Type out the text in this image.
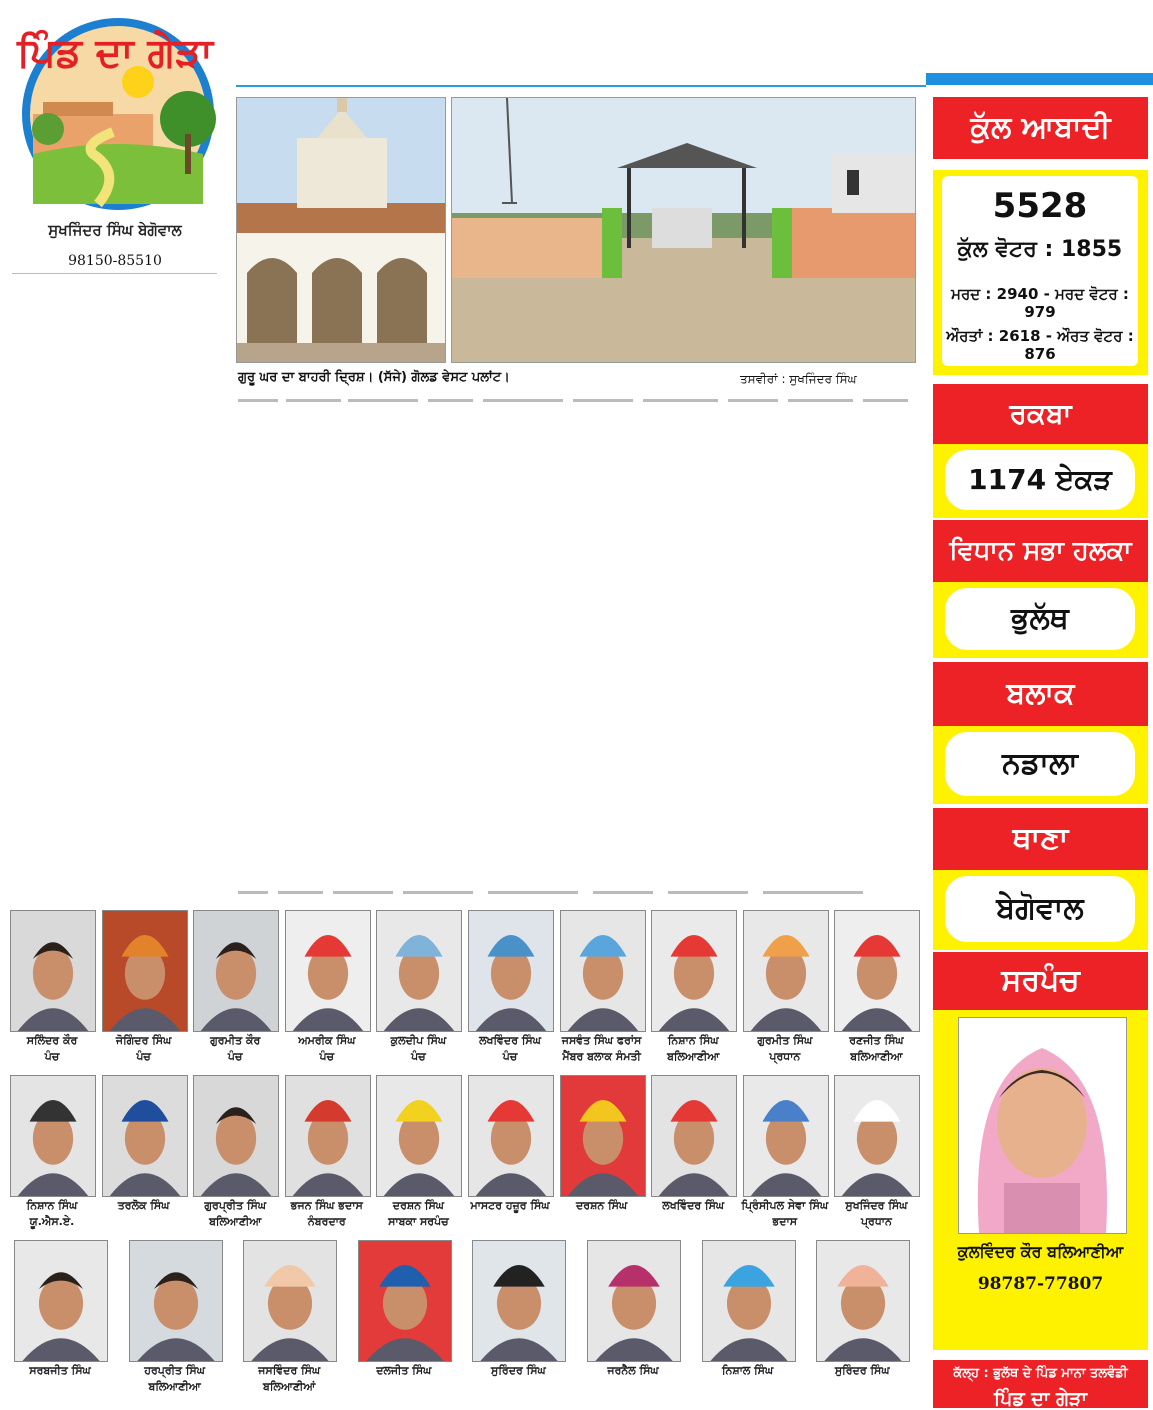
ਪਿੰਡ ਦਾ ਗੇੜਾ
ਸੁਖਜਿੰਦਰ ਸਿੰਘ ਬੇਗੋਵਾਲ
98150-85510
ਗੁਰੂ ਘਰ ਦਾ ਬਾਹਰੀ ਦ੍ਰਿਸ਼। (ਸੱਜੇ) ਗੋਲਡ ਵੇਸਟ ਪਲਾਂਟ।	ਤਸਵੀਰਾਂ : ਸੁਖਜਿੰਦਰ ਸਿੰਘ
ਕੁੱਲ ਆਬਾਦੀ
5528
ਕੁੱਲ ਵੋਟਰ : 1855
ਮਰਦ : 2940 - ਮਰਦ ਵੋਟਰ : 979
ਔਰਤਾਂ : 2618 - ਔਰਤ ਵੋਟਰ : 876
ਰਕਬਾ
1174 ਏਕੜ
ਵਿਧਾਨ ਸਭਾ ਹਲਕਾ
ਭੁਲੱਥ
ਬਲਾਕ
ਨਡਾਲਾ
ਥਾਣਾ
ਬੇਗੋਵਾਲ
ਸਰਪੰਚ
ਕੁਲਵਿੰਦਰ ਕੌਰ ਬਲਿਆਣੀਆ
98787-77807
ਕੱਲ੍ਹ : ਭੁਲੱਥ ਦੇ ਪਿੰਡ ਮਾਨਾ ਤਲਵੰਡੀ
ਪਿੰਡ ਦਾ ਗੇੜਾ
ਸਲਿੰਦਰ ਕੌਰ
ਪੰਚ
ਜੋਗਿੰਦਰ ਸਿੰਘ
ਪੰਚ
ਗੁਰਮੀਤ ਕੌਰ
ਪੰਚ
ਅਮਰੀਕ ਸਿੰਘ
ਪੰਚ
ਕੁਲਦੀਪ ਸਿੰਘ
ਪੰਚ
ਲਖਵਿੰਦਰ ਸਿੰਘ
ਪੰਚ
ਜਸਵੰਤ ਸਿੰਘ ਫਰਾਂਸ
ਮੈਂਬਰ ਬਲਾਕ ਸੰਮਤੀ
ਨਿਸ਼ਾਨ ਸਿੰਘ
ਬਲਿਆਣੀਆ
ਗੁਰਮੀਤ ਸਿੰਘ
ਪ੍ਰਧਾਨ
ਰਣਜੀਤ ਸਿੰਘ
ਬਲਿਆਣੀਆ
ਨਿਸ਼ਾਨ ਸਿੰਘ
ਯੂ.ਐਸ.ਏ.
ਤਰਲੋਕ ਸਿੰਘ	ਗੁਰਪ੍ਰੀਤ ਸਿੰਘ
ਬਲਿਆਣੀਆ
ਭਜਨ ਸਿੰਘ ਭਦਾਸ
ਨੰਬਰਦਾਰ
ਦਰਸ਼ਨ ਸਿੰਘ
ਸਾਬਕਾ ਸਰਪੰਚ
ਮਾਸਟਰ ਹਜ਼ੂਰ ਸਿੰਘ	ਦਰਸ਼ਨ ਸਿੰਘ	ਲਖਵਿੰਦਰ ਸਿੰਘ	ਪ੍ਰਿੰਸੀਪਲ ਸੇਵਾ ਸਿੰਘ
ਭਦਾਸ
ਸੁਖਜਿੰਦਰ ਸਿੰਘ
ਪ੍ਰਧਾਨ
ਸਰਬਜੀਤ ਸਿੰਘ	ਹਰਪ੍ਰੀਤ ਸਿੰਘ
ਬਲਿਆਣੀਆ
ਜਸਵਿੰਦਰ ਸਿੰਘ
ਬਲਿਆਣੀਆਂ
ਦਲਜੀਤ ਸਿੰਘ	ਸੁਰਿੰਦਰ ਸਿੰਘ	ਜਰਨੈਲ ਸਿੰਘ	ਨਿਸ਼ਾਲ ਸਿੰਘ	ਸੁਰਿੰਦਰ ਸਿੰਘ
